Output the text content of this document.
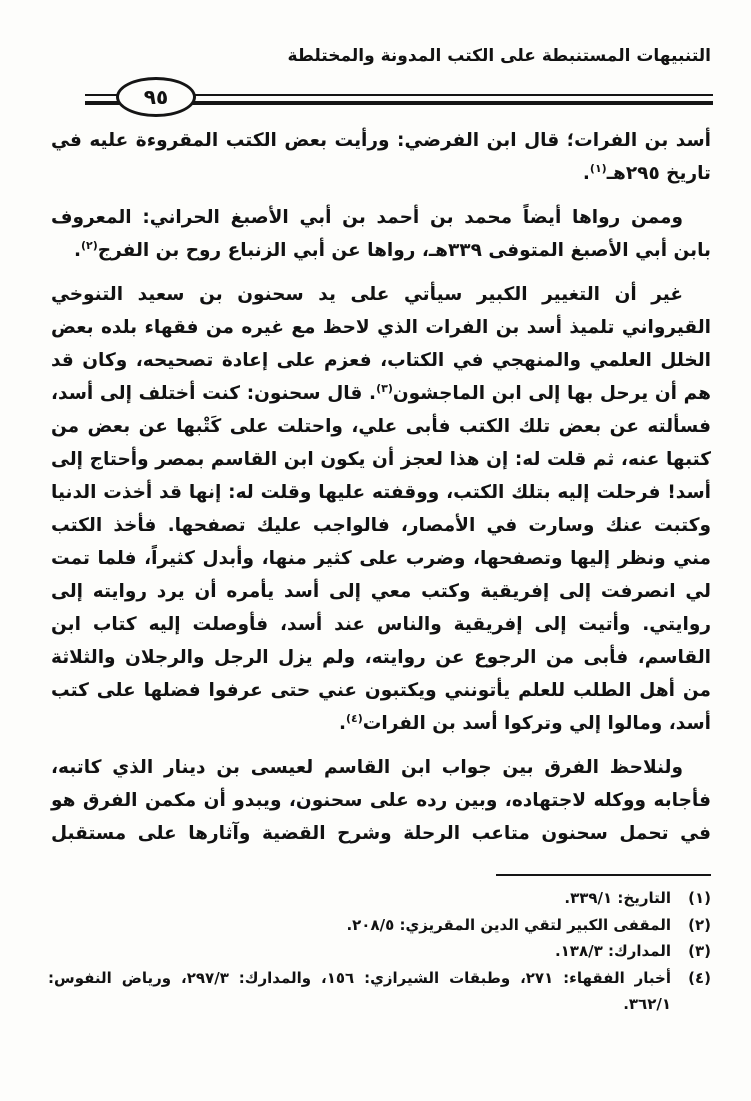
التنبيهات المستنبطة على الكتب المدونة والمختلطة
٩٥

أسد بن الفرات؛ قال ابن الفرضي: ورأيت بعض الكتب المقروءة عليه في تاريخ ٢٩٥هـ$^{(١)}$.

وممن رواها أيضاً محمد بن أحمد بن أبي الأصبغ الحراني: المعروف بابن أبي الأصبغ المتوفى ٣٣٩هـ، رواها عن أبي الزنباع روح بن الفرج$^{(٢)}$.

غير أن التغيير الكبير سيأتي على يد سحنون بن سعيد التنوخي القيرواني تلميذ أسد بن الفرات الذي لاحظ مع غيره من فقهاء بلده بعض الخلل العلمي والمنهجي في الكتاب، فعزم على إعادة تصحيحه، وكان قد هم أن يرحل بها إلى ابن الماجشون$^{(٣)}$. قال سحنون: كنت أختلف إلى أسد، فسألته عن بعض تلك الكتب فأبى علي، واحتلت على كَتْبها عن بعض من كتبها عنه، ثم قلت له: إن هذا لعجز أن يكون ابن القاسم بمصر وأحتاج إلى أسد! فرحلت إليه بتلك الكتب، ووقفته عليها وقلت له: إنها قد أخذت الدنيا وكتبت عنك وسارت في الأمصار، فالواجب عليك تصفحها. فأخذ الكتب مني ونظر إليها وتصفحها، وضرب على كثير منها، وأبدل كثيراً، فلما تمت لي انصرفت إلى إفريقية وكتب معي إلى أسد يأمره أن يرد روايته إلى روايتي. وأتيت إلى إفريقية والناس عند أسد، فأوصلت إليه كتاب ابن القاسم، فأبى من الرجوع عن روايته، ولم يزل الرجل والرجلان والثلاثة من أهل الطلب للعلم يأتونني ويكتبون عني حتى عرفوا فضلها على كتب أسد، ومالوا إلي وتركوا أسد بن الفرات$^{(٤)}$.

ولنلاحظ الفرق بين جواب ابن القاسم لعيسى بن دينار الذي كاتبه، فأجابه ووكله لاجتهاده، وبين رده على سحنون، ويبدو أن مكمن الفرق هو في تحمل سحنون متاعب الرحلة وشرح القضية وآثارها على مستقبل

(١)
التاريخ: ٣٣٩/١.
(٢)
المقفى الكبير لتقي الدين المقريزي: ٢٠٨/٥.
(٣)
المدارك: ١٣٨/٣.
(٤)
أخبار الفقهاء: ٢٧١، وطبقات الشيرازي: ١٥٦، والمدارك: ٢٩٧/٣، ورياض النفوس: ٣٦٢/١.
